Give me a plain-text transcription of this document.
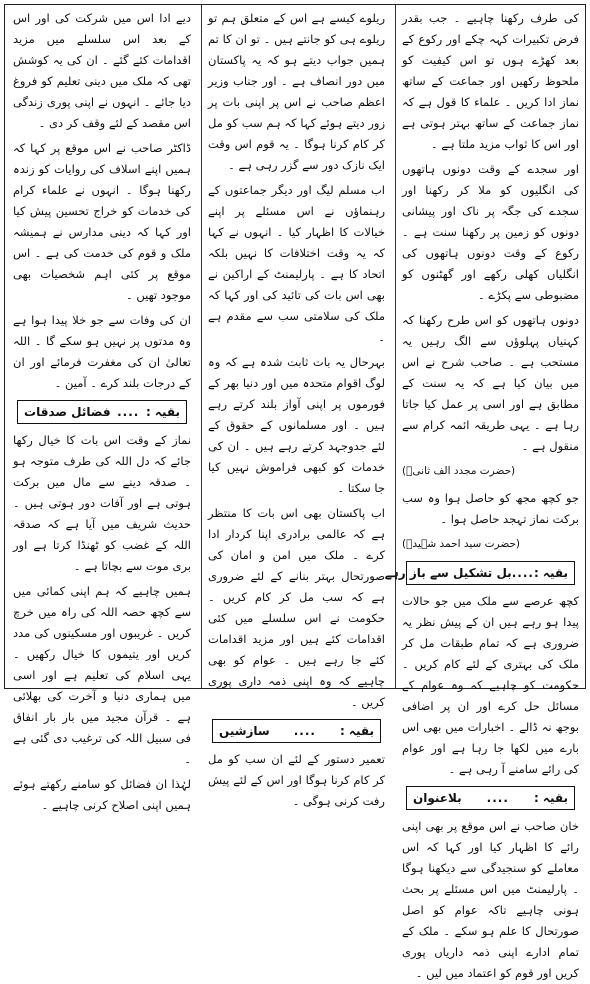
کی طرف رکھنا چاہیے ۔ جب بقدر فرض تکبیرات کہہ چکے اور رکوع کے بعد کھڑے ہوں تو اس کیفیت کو ملحوظ رکھیں اور جماعت کے ساتھ نماز ادا کریں ۔ علماء کا قول ہے کہ نماز جماعت کے ساتھ بہتر ہوتی ہے اور اس کا ثواب مزید ملتا ہے ۔

اور سجدے کے وقت دونوں ہاتھوں کی انگلیوں کو ملا کر رکھنا اور سجدے کی جگہ پر ناک اور پیشانی دونوں کو زمین پر رکھنا سنت ہے ۔ رکوع کے وقت دونوں ہاتھوں کی انگلیاں کھلی رکھے اور گھٹنوں کو مضبوطی سے پکڑے ۔

دونوں ہاتھوں کو اس طرح رکھنا کہ کہنیاں پہلوؤں سے الگ رہیں یہ مستحب ہے ۔ صاحب شرح نے اس میں بیان کیا ہے کہ یہ سنت کے مطابق ہے اور اسی پر عمل کیا جاتا رہا ہے ۔ یہی طریقہ ائمہ کرام سے منقول ہے ۔

(حضرت مجدد الف ثانیؒ)

جو کچھ مجھ کو حاصل ہوا وہ سب برکت نماز تہجد حاصل ہوا ۔

(حضرت سید احمد شہیدؒ)
بقیہ :
....
بل تشکیل سے باز رہے

کچھ عرصے سے ملک میں جو حالات پیدا ہو رہے ہیں ان کے پیش نظر یہ ضروری ہے کہ تمام طبقات مل کر ملک کی بہتری کے لئے کام کریں ۔ حکومت کو چاہیے کہ وہ عوام کے مسائل حل کرے اور ان پر اضافی بوجھ نہ ڈالے ۔ اخبارات میں بھی اس بارے میں لکھا جا رہا ہے اور عوام کی رائے سامنے آ رہی ہے ۔

بقیہ :
....
بلاعنوان

خان صاحب نے اس موقع پر بھی اپنی رائے کا اظہار کیا اور کہا کہ اس معاملے کو سنجیدگی سے دیکھنا ہوگا ۔ پارلیمنٹ میں اس مسئلے پر بحث ہونی چاہیے تاکہ عوام کو اصل صورتحال کا علم ہو سکے ۔ ملک کے تمام ادارے اپنی ذمہ داریاں پوری کریں اور قوم کو اعتماد میں لیں ۔

ریلوے کیسے ہے اس کے متعلق ہم تو ریلوے ہی کو جانتے ہیں ۔ تو ان کا تم ہمیں جواب دیتے ہو کہ یہ پاکستان میں دور انصاف ہے ۔ اور جناب وزیر اعظم صاحب نے اس پر اپنی بات پر زور دیتے ہوئے کہا کہ ہم سب کو مل کر کام کرنا ہوگا ۔ یہ قوم اس وقت ایک نازک دور سے گزر رہی ہے ۔

اب مسلم لیگ اور دیگر جماعتوں کے رہنماؤں نے اس مسئلے پر اپنے خیالات کا اظہار کیا ۔ انہوں نے کہا کہ یہ وقت اختلافات کا نہیں بلکہ اتحاد کا ہے ۔ پارلیمنٹ کے اراکین نے بھی اس بات کی تائید کی اور کہا کہ ملک کی سلامتی سب سے مقدم ہے ۔

بہرحال یہ بات ثابت شدہ ہے کہ وہ لوگ اقوام متحدہ میں اور دنیا بھر کے فورموں پر اپنی آواز بلند کرتے رہے ہیں ۔ اور مسلمانوں کے حقوق کے لئے جدوجہد کرتے رہے ہیں ۔ ان کی خدمات کو کبھی فراموش نہیں کیا جا سکتا ۔

اب پاکستان بھی اس بات کا منتظر ہے کہ عالمی برادری اپنا کردار ادا کرے ۔ ملک میں امن و امان کی صورتحال بہتر بنانے کے لئے ضروری ہے کہ سب مل کر کام کریں ۔ حکومت نے اس سلسلے میں کئی اقدامات کئے ہیں اور مزید اقدامات کئے جا رہے ہیں ۔ عوام کو بھی چاہیے کہ وہ اپنی ذمہ داری پوری کریں ۔

بقیہ :
....
سازشیں

تعمیر دستور کے لئے ان سب کو مل کر کام کرنا ہوگا اور اس کے لئے پیش رفت کرنی ہوگی ۔

دیے ادا اس میں شرکت کی اور اس کے بعد اس سلسلے میں مزید اقدامات کئے گئے ۔ ان کی یہ کوشش تھی کہ ملک میں دینی تعلیم کو فروغ دیا جائے ۔ انہوں نے اپنی پوری زندگی اس مقصد کے لئے وقف کر دی ۔

ڈاکٹر صاحب نے اس موقع پر کہا کہ ہمیں اپنے اسلاف کی روایات کو زندہ رکھنا ہوگا ۔ انہوں نے علماء کرام کی خدمات کو خراج تحسین پیش کیا اور کہا کہ دینی مدارس نے ہمیشہ ملک و قوم کی خدمت کی ہے ۔ اس موقع پر کئی اہم شخصیات بھی موجود تھیں ۔

ان کی وفات سے جو خلا پیدا ہوا ہے وہ مدتوں پر نہیں ہو سکے گا ۔ اللہ تعالیٰ ان کی مغفرت فرمائے اور ان کے درجات بلند کرے ۔ آمین ۔

بقیہ :
....
فضائل صدقات

نماز کے وقت اس بات کا خیال رکھا جائے کہ دل اللہ کی طرف متوجہ ہو ۔ صدقہ دینے سے مال میں برکت ہوتی ہے اور آفات دور ہوتی ہیں ۔ حدیث شریف میں آیا ہے کہ صدقہ اللہ کے غضب کو ٹھنڈا کرتا ہے اور بری موت سے بچاتا ہے ۔

ہمیں چاہیے کہ ہم اپنی کمائی میں سے کچھ حصہ اللہ کی راہ میں خرچ کریں ۔ غریبوں اور مسکینوں کی مدد کریں اور یتیموں کا خیال رکھیں ۔ یہی اسلام کی تعلیم ہے اور اسی میں ہماری دنیا و آخرت کی بھلائی ہے ۔ قرآن مجید میں بار بار انفاق فی سبیل اللہ کی ترغیب دی گئی ہے ۔

لہٰذا ان فضائل کو سامنے رکھتے ہوئے ہمیں اپنی اصلاح کرنی چاہیے ۔
